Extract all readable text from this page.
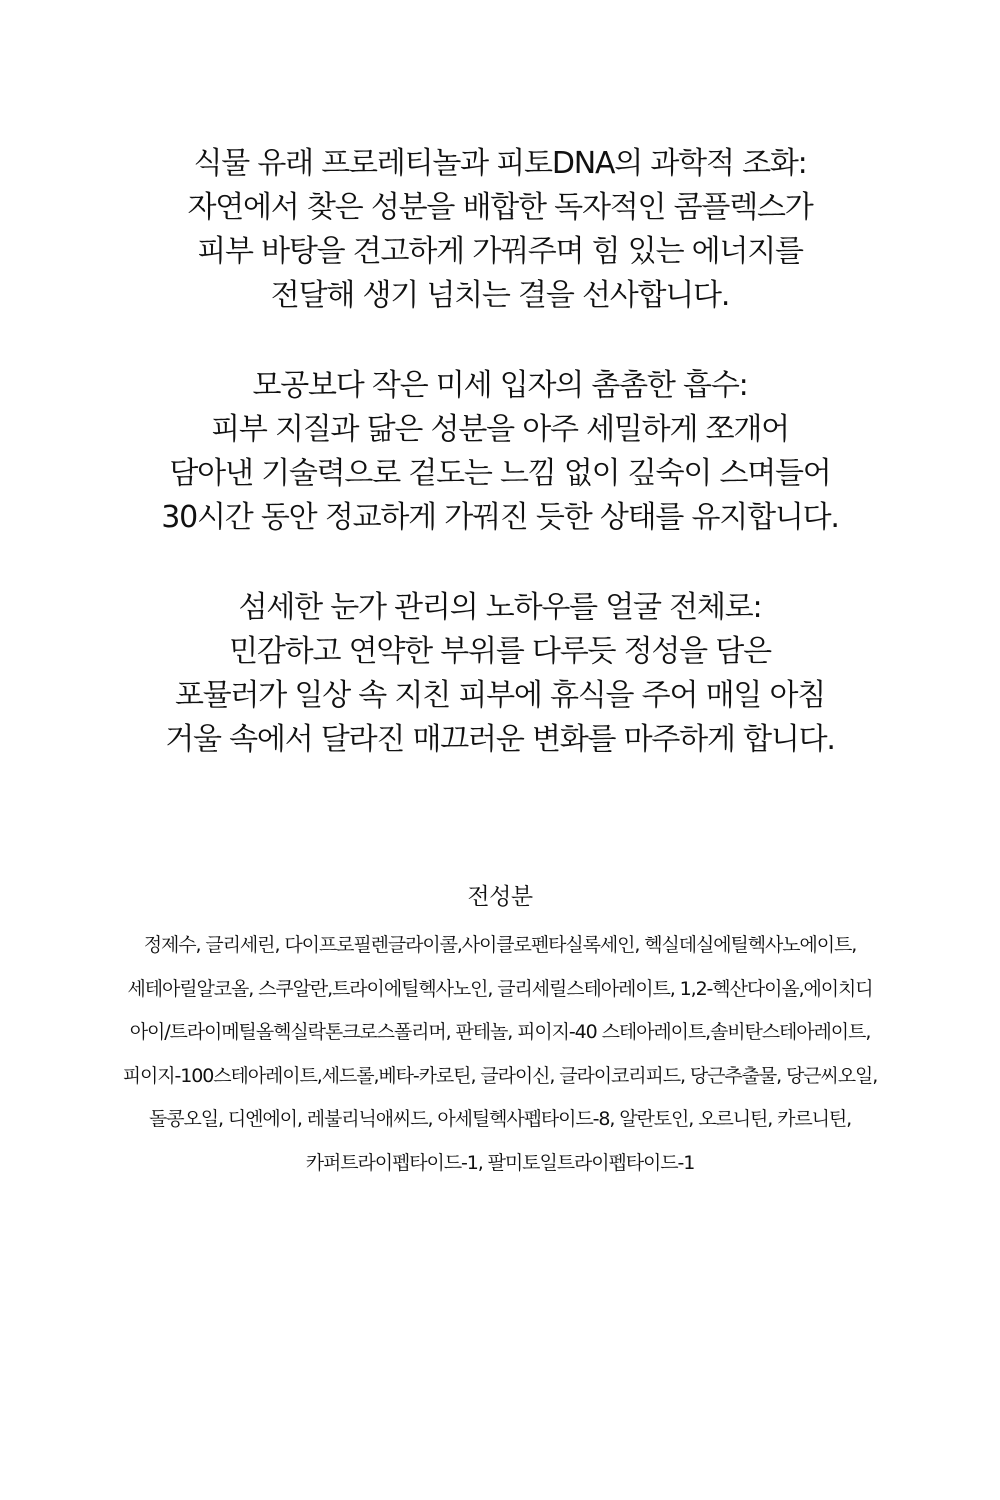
식물 유래 프로레티놀과 피토DNA의 과학적 조화:
자연에서 찾은 성분을 배합한 독자적인 콤플렉스가
피부 바탕을 견고하게 가꿔주며 힘 있는 에너지를
전달해 생기 넘치는 결을 선사합니다.

모공보다 작은 미세 입자의 촘촘한 흡수:
피부 지질과 닮은 성분을 아주 세밀하게 쪼개어
담아낸 기술력으로 겉도는 느낌 없이 깊숙이 스며들어
30시간 동안 정교하게 가꿔진 듯한 상태를 유지합니다.

섬세한 눈가 관리의 노하우를 얼굴 전체로:
민감하고 연약한 부위를 다루듯 정성을 담은
포뮬러가 일상 속 지친 피부에 휴식을 주어 매일 아침
거울 속에서 달라진 매끄러운 변화를 마주하게 합니다.

전성분
정제수, 글리세린, 다이프로필렌글라이콜,사이클로펜타실록세인, 헥실데실에틸헥사노에이트,
세테아릴알코올, 스쿠알란,트라이에틸헥사노인, 글리세릴스테아레이트, 1,2-헥산다이올,에이치디
아이/트라이메틸올헥실락톤크로스폴리머, 판테놀, 피이지-40 스테아레이트,솔비탄스테아레이트,
피이지-100스테아레이트,세드롤,베타-카로틴, 글라이신, 글라이코리피드, 당근추출물, 당근씨오일,
돌콩오일, 디엔에이, 레불리닉애씨드, 아세틸헥사펩타이드-8, 알란토인, 오르니틴, 카르니틴,
카퍼트라이펩타이드-1, 팔미토일트라이펩타이드-1
